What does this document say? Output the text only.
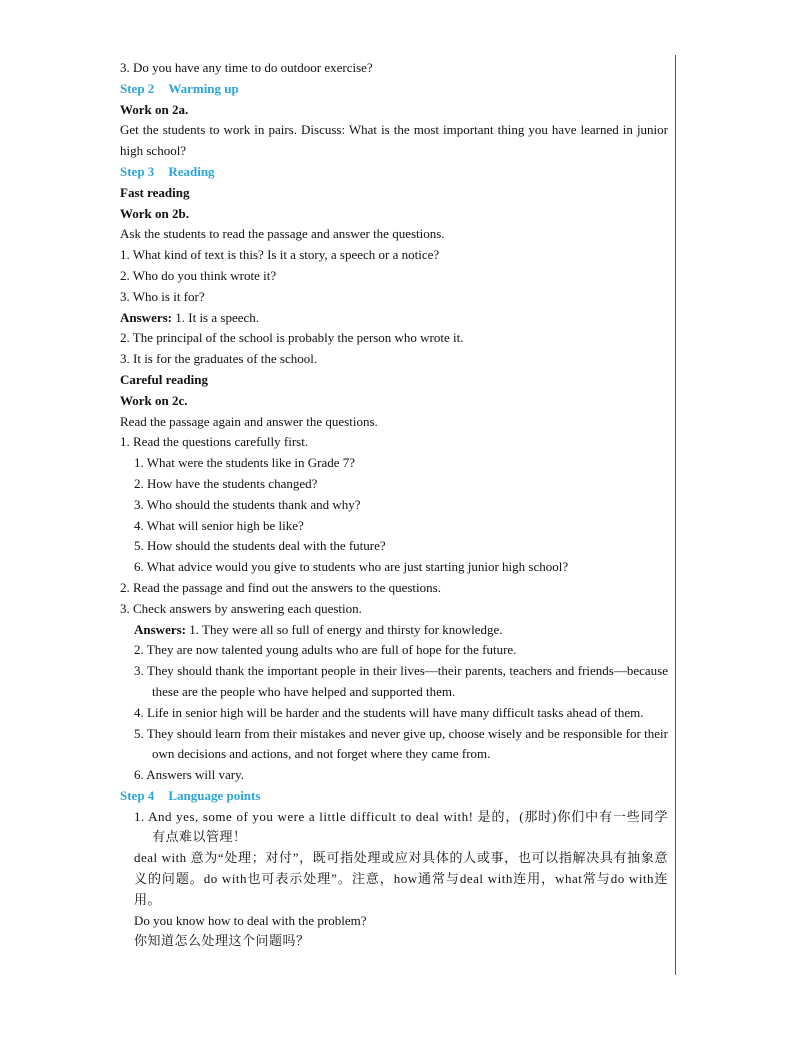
3. Do you have any time to do outdoor exercise?
Step 2 Warming up
Work on 2a.
Get the students to work in pairs. Discuss: What is the most important thing you have learned in junior high school?
Step 3 Reading
Fast reading
Work on 2b.
Ask the students to read the passage and answer the questions.
1. What kind of text is this? Is it a story, a speech or a notice?
2. Who do you think wrote it?
3. Who is it for?
Answers: 1. It is a speech.
2. The principal of the school is probably the person who wrote it.
3. It is for the graduates of the school.
Careful reading
Work on 2c.
Read the passage again and answer the questions.
1. Read the questions carefully first.
1. What were the students like in Grade 7?
2. How have the students changed?
3. Who should the students thank and why?
4. What will senior high be like?
5. How should the students deal with the future?
6. What advice would you give to students who are just starting junior high school?
2. Read the passage and find out the answers to the questions.
3. Check answers by answering each question.
Answers: 1. They were all so full of energy and thirsty for knowledge.
2. They are now talented young adults who are full of hope for the future.
3. They should thank the important people in their lives—their parents, teachers and friends—because these are the people who have helped and supported them.
4. Life in senior high will be harder and the students will have many difficult tasks ahead of them.
5. They should learn from their mistakes and never give up, choose wisely and be responsible for their own decisions and actions, and not forget where they came from.
6. Answers will vary.
Step 4 Language points
1. And yes, some of you were a little difficult to deal with! 是的，(那时)你们中有一些同学有点难以管理！
deal with 意为“处理；对付”，既可指处理或应对具体的人或事，也可以指解决具有抽象意义的问题。do with也可表示处理”。注意，how通常与deal with连用，what常与do with连用。
Do you know how to deal with the problem?
你知道怎么处理这个问题吗？
